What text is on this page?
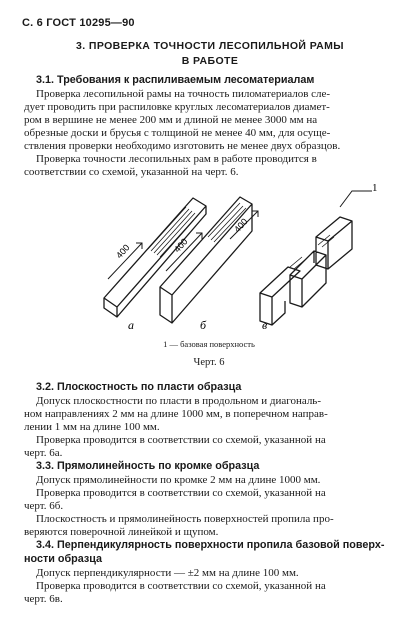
С. 6 ГОСТ 10295—90
3. ПРОВЕРКА ТОЧНОСТИ ЛЕСОПИЛЬНОЙ РАМЫ
В РАБОТЕ
3.1. Требования к распиливаемым лесоматериалам
Проверка лесопильной рамы на точность пиломатериалов сле-
дует проводить при распиловке круглых лесоматериалов диамет-
ром в вершине не менее 200 мм и длиной не менее 3000 мм на
обрезные доски и брусья с толщиной не менее 40 мм, для осуще-
ствления проверки необходимо изготовить не менее двух образцов.
Проверка точности лесопильных рам в работе проводится в
соответствии со схемой, указанной на черт. 6.
400	400
400
1
а	б	в
1 — базовая поверхность
Черт. 6
3.2. Плоскостность по пласти образца
Допуск плоскостности по пласти в продольном и диагональ-
ном направлениях 2 мм на длине 1000 мм, в поперечном направ-
лении 1 мм на длине 100 мм.
Проверка проводится в соответствии со схемой, указанной на
черт. 6а.
3.3. Прямолинейность по кромке образца
Допуск прямолинейности по кромке 2 мм на длине 1000 мм.
Проверка проводится в соответствии со схемой, указанной на
черт. 6б.
Плоскостность и прямолинейность поверхностей пропила про-
веряются поверочной линейкой и щупом.
3.4. Перпендикулярность поверхности пропила базовой поверх-
ности образца
Допуск перпендикулярности — ±2 мм на длине 100 мм.
Проверка проводится в соответствии со схемой, указанной на
черт. 6в.
